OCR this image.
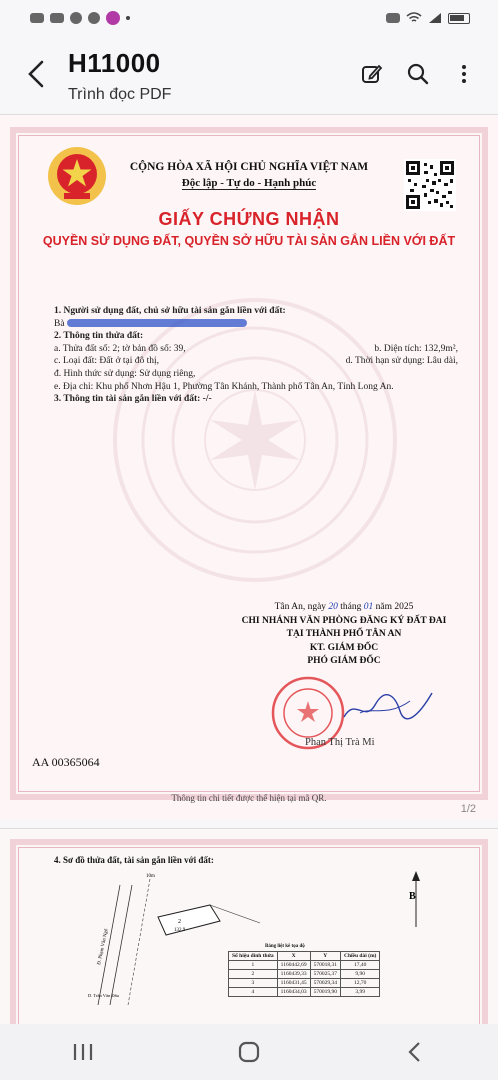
H11000
Trình đọc PDF
CỘNG HÒA XÃ HỘI CHỦ NGHĨA VIỆT NAM
Độc lập - Tự do - Hạnh phúc
GIẤY CHỨNG NHẬN
QUYỀN SỬ DỤNG ĐẤT, QUYỀN SỞ HỮU TÀI SẢN GẮN LIỀN VỚI ĐẤT
1. Người sử dụng đất, chủ sở hữu tài sản gắn liền với đất:
Bà
2. Thông tin thửa đất:
a. Thửa đất số: 2; tờ bản đồ số: 39,	b. Diện tích: 132,9m²,
c. Loại đất: Đất ở tại đô thị,	d. Thời hạn sử dụng: Lâu dài,
đ. Hình thức sử dụng: Sử dụng riêng,
e. Địa chỉ: Khu phố Nhơn Hậu 1, Phường Tân Khánh, Thành phố Tân An, Tỉnh Long An.
3. Thông tin tài sản gắn liền với đất: -/-
Tân An, ngày 20 tháng 01 năm 2025
CHI NHÁNH VĂN PHÒNG ĐĂNG KÝ ĐẤT ĐAI
TẠI THÀNH PHỐ TÂN AN
KT. GIÁM ĐỐC
PHÓ GIÁM ĐỐC
Phan Thị Trà Mi
AA 00365064
Thông tin chi tiết được thể hiện tại mã QR.
1/2
4. Sơ đồ thửa đất, tài sản gắn liền với đất:
2
132,9
10m
Đ. Phạm Văn Ngô
D. Trần Văn Đấu
B
Bảng liệt kê tọa độ
Số hiệu đỉnh thửa	X	Y	Chiều dài (m)
1	1160442,69	570018,31	17,40
2	1160439,33	570025,37	9,90
3	1160431,45	570029,34	12,70
4	1160434,03	570019,90	3,99
